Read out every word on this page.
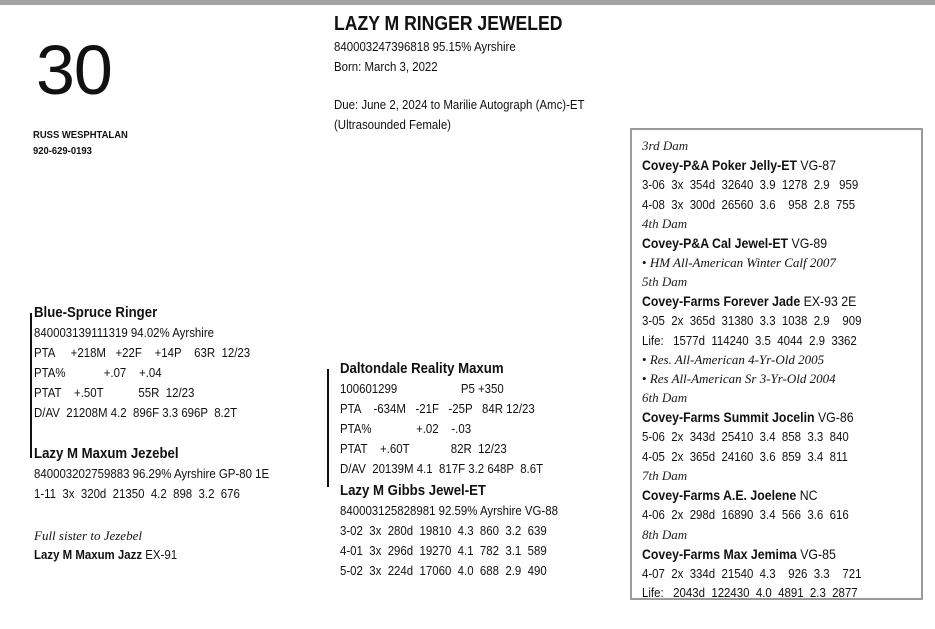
30
RUSS WESPHTALAN
920-629-0193
LAZY M RINGER JEWELED
840003247396818 95.15% Ayrshire
Born: March 3, 2022
Due: June 2, 2024 to Marilie Autograph (Amc)-ET
(Ultrasounded Female)
Blue-Spruce Ringer
840003139111319 94.02% Ayrshire
PTA     +218M   +22F    +14P    63R  12/23
PTA%            +.07    +.04
PTAT    +.50T           55R  12/23
D/AV  21208M 4.2  896F 3.3 696P  8.2T
Lazy M Maxum Jezebel
840003202759883 96.29% Ayrshire GP-80 1E
1-11  3x  320d  21350  4.2  898  3.2  676
Full sister to Jezebel
Lazy M Maxum Jazz EX-91
Daltondale Reality Maxum
100601299                    P5 +350
PTA    -634M   -21F   -25P   84R 12/23
PTA%              +.02    -.03
PTAT    +.60T             82R  12/23
D/AV  20139M 4.1  817F 3.2 648P  8.6T
Lazy M Gibbs Jewel-ET
840003125828981 92.59% Ayrshire VG-88
3-02  3x  280d  19810  4.3  860  3.2  639
4-01  3x  296d  19270  4.1  782  3.1  589
5-02  3x  224d  17060  4.0  688  2.9  490
3rd Dam
Covey-P&A Poker Jelly-ET VG-87
3-06  3x  354d  32640  3.9  1278  2.9   959
4-08  3x  300d  26560  3.6    958  2.8  755
4th Dam
Covey-P&A Cal Jewel-ET VG-89
• HM All-American Winter Calf 2007
5th Dam
Covey-Farms Forever Jade EX-93 2E
3-05  2x  365d  31380  3.3  1038  2.9    909
Life:   1577d  114240  3.5  4044  2.9  3362
• Res. All-American 4-Yr-Old 2005
• Res All-American Sr 3-Yr-Old 2004
6th Dam
Covey-Farms Summit Jocelin VG-86
5-06  2x  343d  25410  3.4  858  3.3  840
4-05  2x  365d  24160  3.6  859  3.4  811
7th Dam
Covey-Farms A.E. Joelene NC
4-06  2x  298d  16890  3.4  566  3.6  616
8th Dam
Covey-Farms Max Jemima VG-85
4-07  2x  334d  21540  4.3    926  3.3    721
Life:   2043d  122430  4.0  4891  2.3  2877
